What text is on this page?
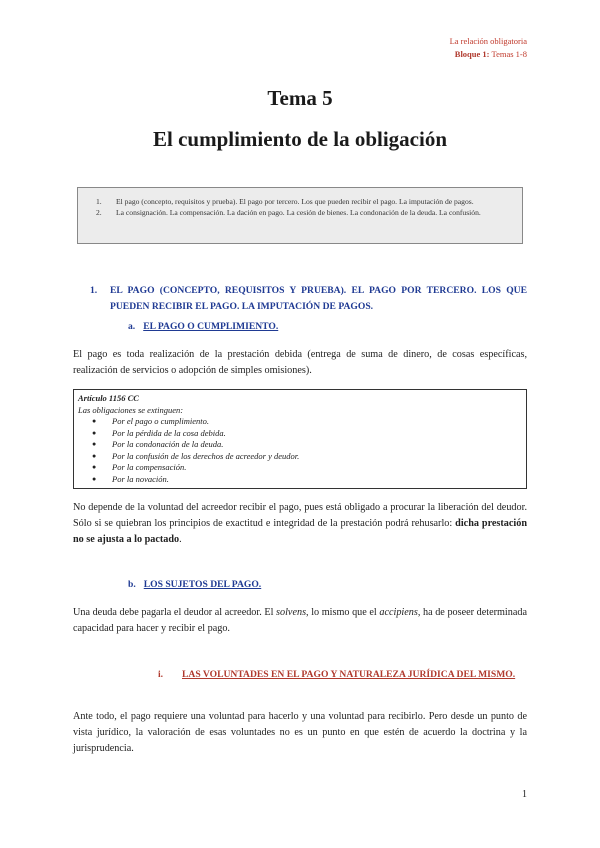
La relación obligatoria
Bloque 1: Temas 1-8
Tema 5
El cumplimiento de la obligación
1.	El pago (concepto, requisitos y prueba). El pago por tercero. Los que pueden recibir el pago. La imputación de pagos.
2.	La consignación. La compensación. La dación en pago. La cesión de bienes. La condonación de la deuda. La confusión.
1. EL PAGO (CONCEPTO, REQUISITOS Y PRUEBA). EL PAGO POR TERCERO. LOS QUE PUEDEN RECIBIR EL PAGO. LA IMPUTACIÓN DE PAGOS.
a. EL PAGO O CUMPLIMIENTO.
El pago es toda realización de la prestación debida (entrega de suma de dinero, de cosas específicas, realización de servicios o adopción de simples omisiones).
Artículo 1156 CC
Las obligaciones se extinguen:
● Por el pago o cumplimiento.
● Por la pérdida de la cosa debida.
● Por la condonación de la deuda.
● Por la confusión de los derechos de acreedor y deudor.
● Por la compensación.
● Por la novación.
No depende de la voluntad del acreedor recibir el pago, pues está obligado a procurar la liberación del deudor. Sólo si se quiebran los principios de exactitud e integridad de la prestación podrá rehusarlo: dicha prestación no se ajusta a lo pactado.
b. LOS SUJETOS DEL PAGO.
Una deuda debe pagarla el deudor al acreedor. El solvens, lo mismo que el accipiens, ha de poseer determinada capacidad para hacer y recibir el pago.
i. LAS VOLUNTADES EN EL PAGO Y NATURALEZA JURÍDICA DEL MISMO.
Ante todo, el pago requiere una voluntad para hacerlo y una voluntad para recibirlo. Pero desde un punto de vista jurídico, la valoración de esas voluntades no es un punto en que estén de acuerdo la doctrina y la jurisprudencia.
1
